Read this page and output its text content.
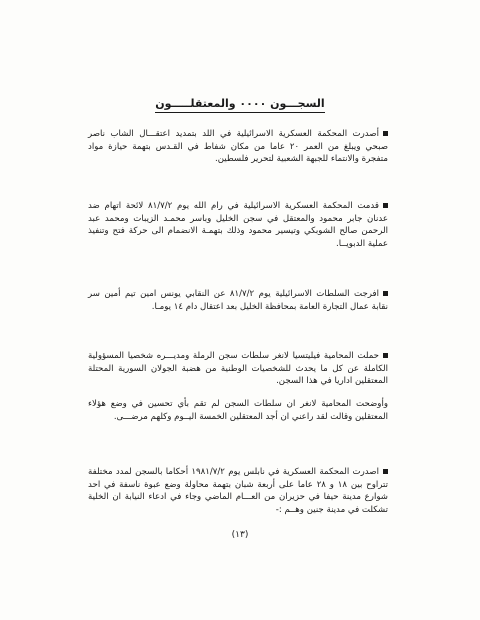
السجـــون ٠٠٠٠ والمعتقلـــــون

أصدرت المحكمة العسكرية الاسرائيلية في اللد بتمديد اعتقـــال الشاب ناصر صبحي ويبلغ من العمر ٢٠ عاما من مكان شفاط في القـدس بتهمة حيازة مواد متفجرة والانتماء للجبهة الشعبية لتحرير فلسطين.

قدمت المحكمة العسكرية الاسرائيلية في رام الله يوم ٨١/٧/٢ لائحة اتهام ضد عدنان جابر محمود والمعتقل في سجن الخليل وباسر محمـد الزيبات ومحمد عبد الرحمن صالح الشوبكي وتيسير محمود وذلك بتهمـة الانضمام الى حركة فتح وتنفيذ عملية الدبويــا.

افرجت السلطات الاسرائيلية يوم ٨١/٧/٢ عن النقابي يونس امين تيم أمين سر نقابة عمال التجارة العامة بمحافظة الخليل بعد اعتقال دام ١٤ يومـا.

حملت المحامية فيليتسيا لانغر سلطات سجن الرملة ومديـــره شخصيا المسؤولية الكاملة عن كل ما يحدث للشخصيات الوطنية من هضبة الجولان السورية المحتلة المعتقلين اداريا في هذا السجن.

وأوضحت المحامية لانغر ان سلطات السجن لم تقم بأي تحسين في وضع هؤلاء المعتقلين وقالت لقد راعني ان أجد المعتقلين الخمسة اليــوم وكلهم مرضـــى.

اصدرت المحكمة العسكرية في نابلس يوم ١٩٨١/٧/٢ أحكاما بالسجن لمدد مختلفة تتراوح بين ١٨ و ٢٨ عاما على أربعة شبان بتهمة محاولة وضع عبوة ناسفة في احد شوارع مدينة حيفا في حزيران من العـــام الماضي وجاء في ادعاء النيابة ان الخلية تشكلت في مدينة جنين وهــم :-

(١٣)
